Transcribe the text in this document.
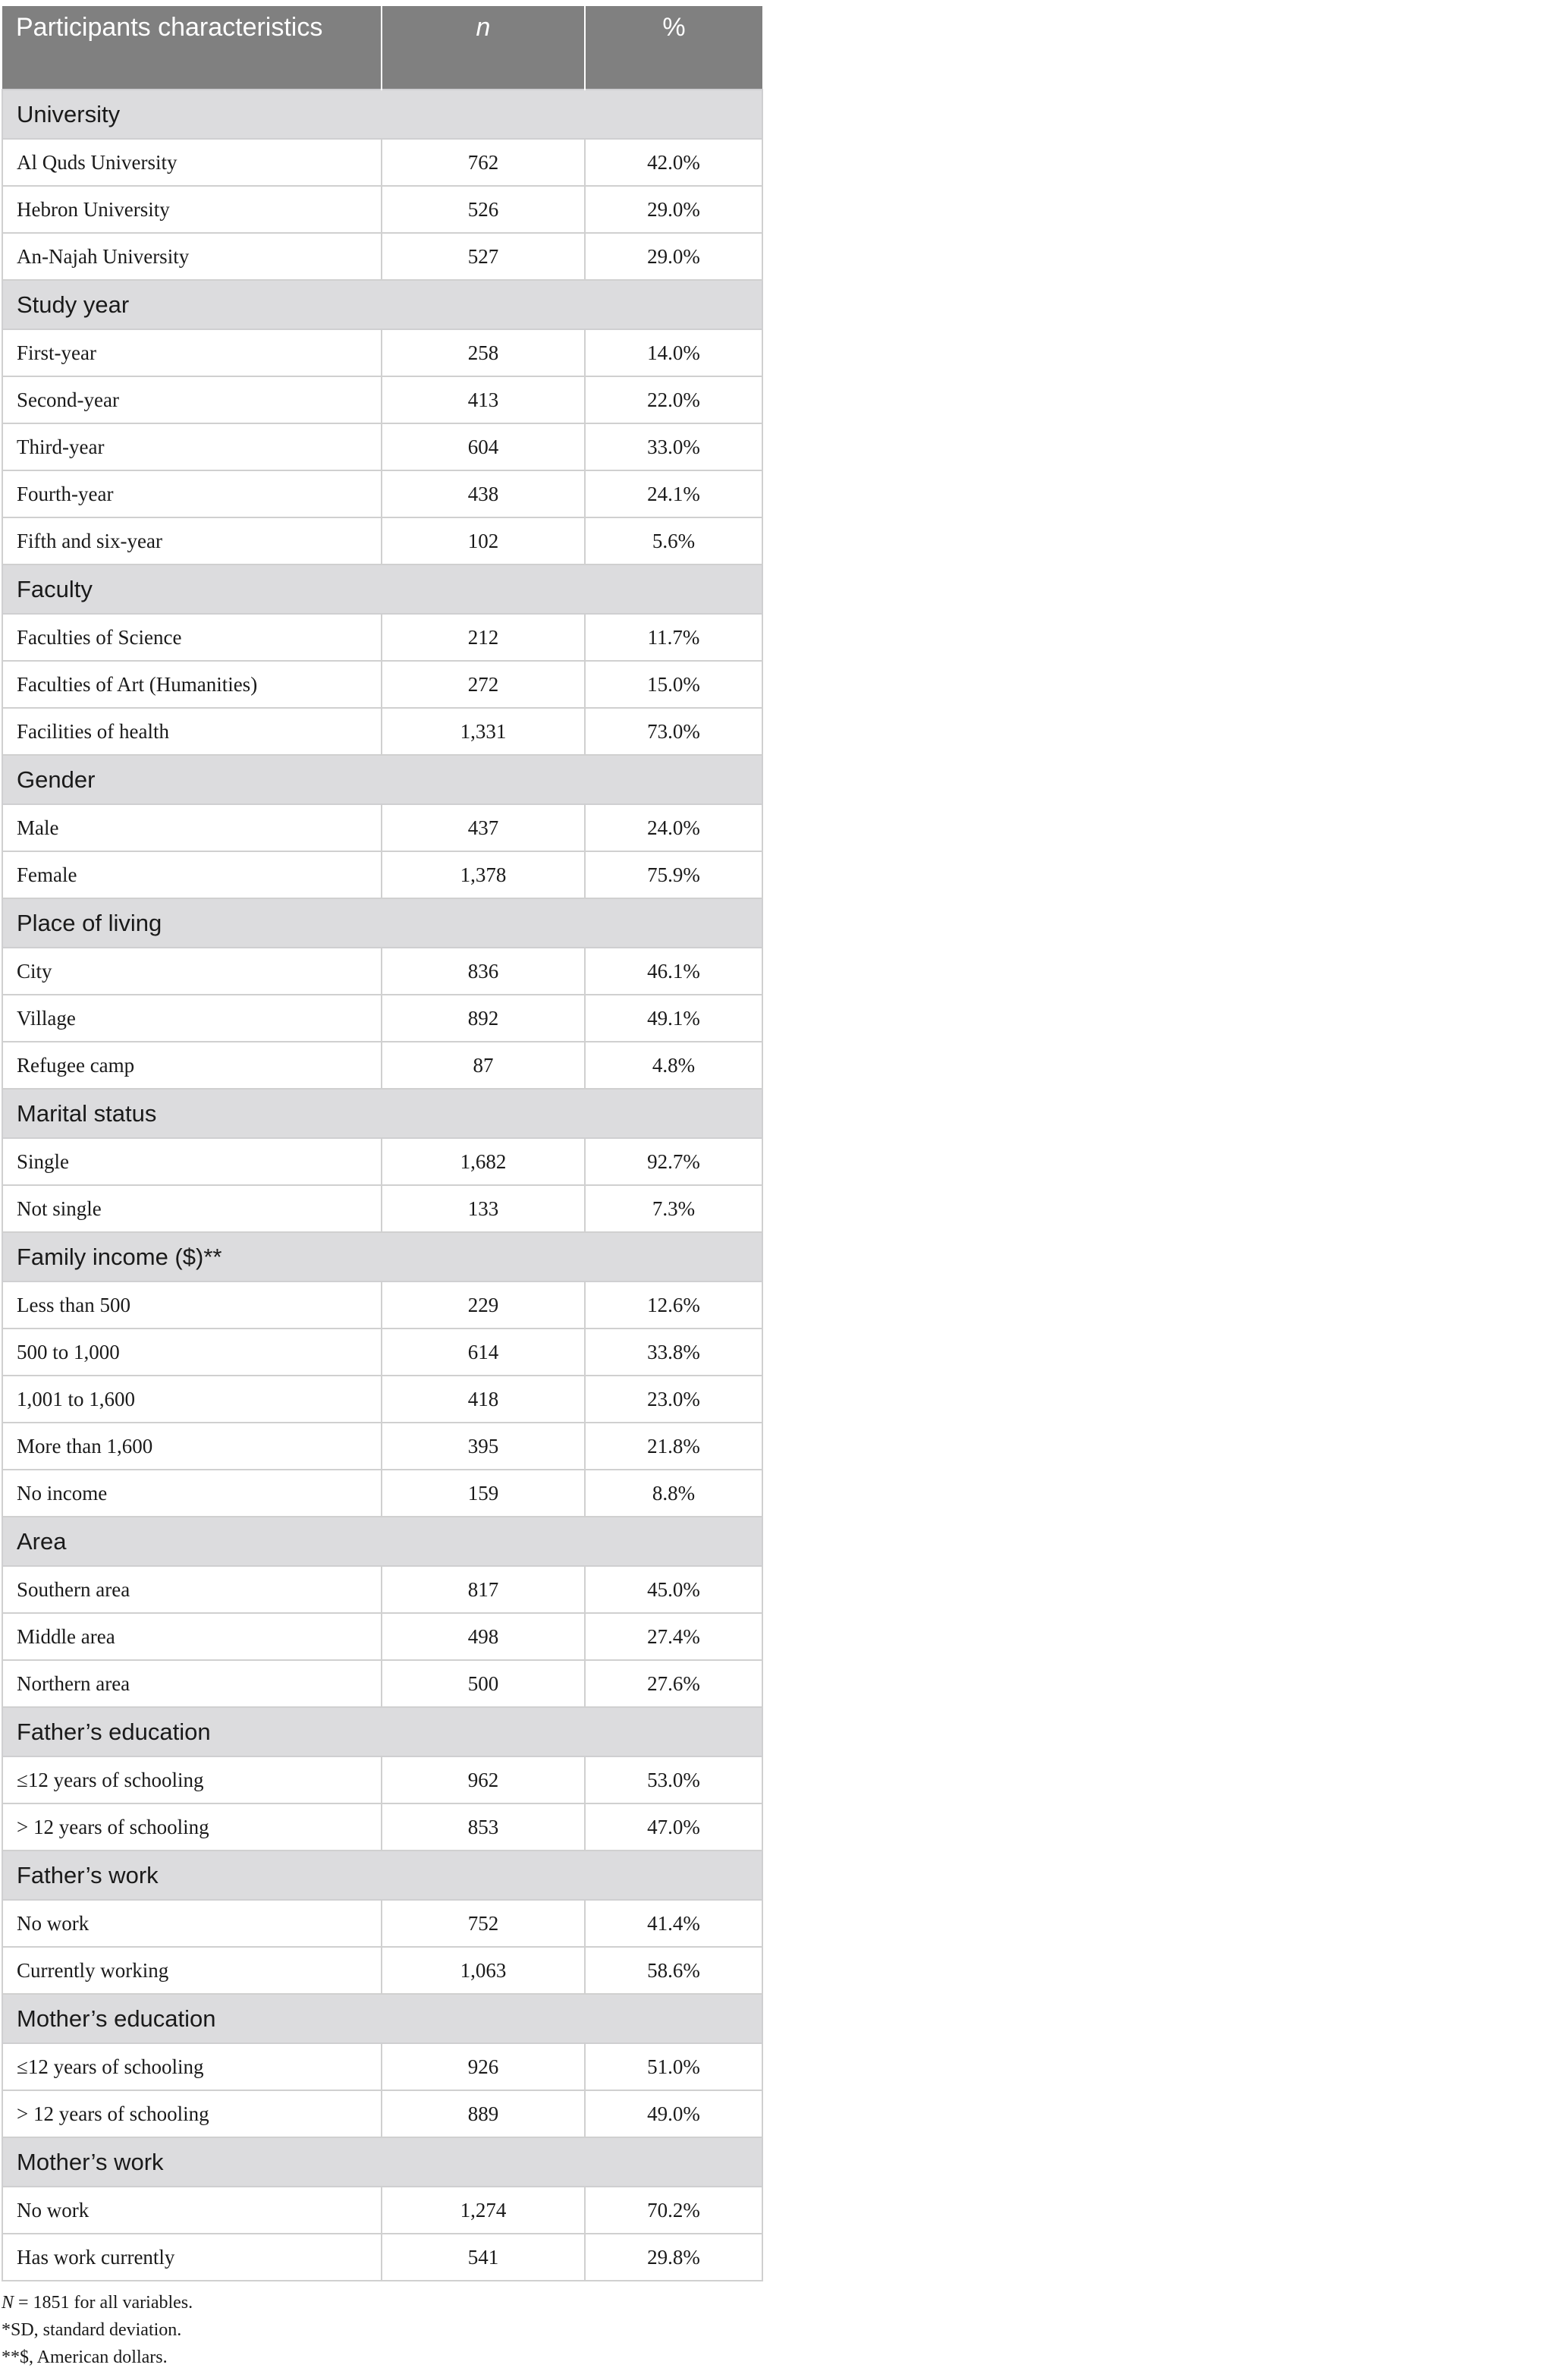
Participants characteristics	n	%
University		
Al Quds University	762	42.0%
Hebron University	526	29.0%
An-Najah University	527	29.0%
Study year		
First-year	258	14.0%
Second-year	413	22.0%
Third-year	604	33.0%
Fourth-year	438	24.1%
Fifth and six-year	102	5.6%
Faculty		
Faculties of Science	212	11.7%
Faculties of Art (Humanities)	272	15.0%
Facilities of health	1,331	73.0%
Gender		
Male	437	24.0%
Female	1,378	75.9%
Place of living		
City	836	46.1%
Village	892	49.1%
Refugee camp	87	4.8%
Marital status		
Single	1,682	92.7%
Not single	133	7.3%
Family income ($)**		
Less than 500	229	12.6%
500 to 1,000	614	33.8%
1,001 to 1,600	418	23.0%
More than 1,600	395	21.8%
No income	159	8.8%
Area		
Southern area	817	45.0%
Middle area	498	27.4%
Northern area	500	27.6%
Father’s education		
≤12 years of schooling	962	53.0%
> 12 years of schooling	853	47.0%
Father’s work		
No work	752	41.4%
Currently working	1,063	58.6%
Mother’s education		
≤12 years of schooling	926	51.0%
> 12 years of schooling	889	49.0%
Mother’s work		
No work	1,274	70.2%
Has work currently	541	29.8%
N = 1851 for all variables.
*SD, standard deviation.
**$, American dollars.
